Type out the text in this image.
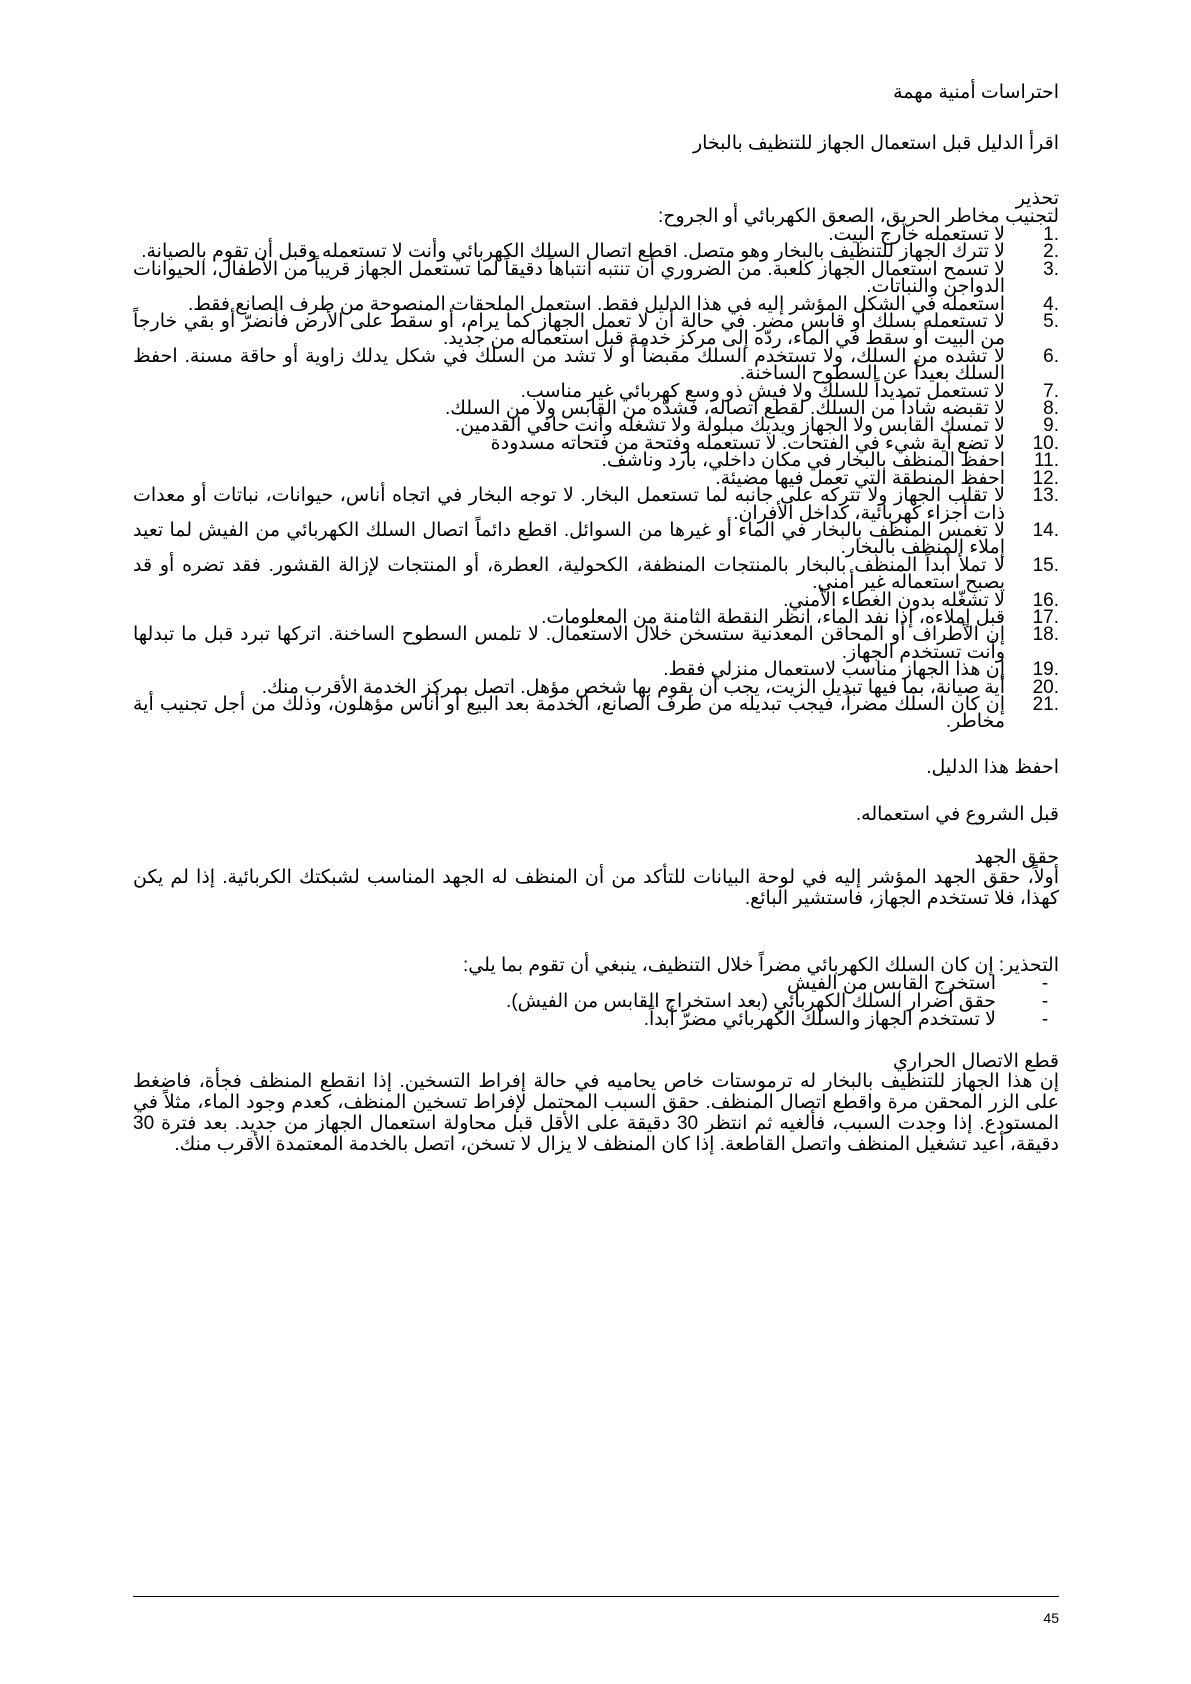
احتراسات أمنية مهمة

اقرأ الدليل قبل استعمال الجهاز للتنظيف بالبخار

تحذير

لتجنيب مخاطر الحريق، الصعق الكهربائي أو الجروح:

1.
لا تستعمله خارج البيت.
2.
لا تترك الجهاز للتنظيف بالبخار وهو متصل. اقطع اتصال السلك الكهربائي وأنت لا تستعمله وقبل أن تقوم بالصيانة.
3.
لا تسمح استعمال الجهاز كلعبة. من الضروري أن تنتبه انتباهاً دقيقاً لما تستعمل الجهاز قريباً من الأطفال، الحيوانات الدواجن والنباتات.
4.
استعمله في الشكل المؤشر إليه في هذا الدليل فقط. استعمل الملحقات المنصوحة من طرف الصانع فقط.
5.
لا تستعمله بسلك أو قابس مضر. في حالة أن لا تعمل الجهاز كما يرام، أو سقط على الأرض فأنضرّ أو بقي خارجاً من البيت أو سقط في الماء، ردّه إلى مركز خدمة قبل استعماله من جديد.
6.
لا تشده من السلك، ولا تستخدم السلك مقبضاً أو لا تشد من السلك في شكل يدلك زاوية أو حاقة مسنة. احفظ السلك بعيداً عن السطوح الساخنة.
7.
لا تستعمل تمديداً للسلك ولا فيش ذو وسع كهربائي غير مناسب.
8.
لا تقبضه شاداً من السلك. لقطع اتصاله، فشدّه من القابس ولا من السلك.
9.
لا تمسك القابس ولا الجهاز ويديك مبلولة ولا تشغله وأنت حافي القدمين.
10.
لا تضع أية شيء في الفتحات. لا تستعمله وفتحة من فتحاته مسدودة
11.
احفظ المنظف بالبخار في مكان داخلي، بارد وناشف.
12.
احفظ المنطقة التي تعمل فيها مضيئة.
13.
لا تقلب الجهاز ولا تتركه على جانبه لما تستعمل البخار. لا توجه البخار في اتجاه أناس، حيوانات، نباتات أو معدات ذات أجزاء كهربائية، كداخل الأفران.
14.
لا تغمس المنظف بالبخار في الماء أو غيرها من السوائل. اقطع دائماً اتصال السلك الكهربائي من الفيش لما تعيد إملاء المنظف بالبخار.
15.
لا تملأ أبداً المنظف بالبخار بالمنتجات المنظفة، الكحولية، العطرة، أو المنتجات لإزالة القشور. فقد تضره أو قد يصبح استعماله غير أمني.
16.
لا تشغّله بدون الغطاء الأمني.
17.
قبل إملاءه، إذا نفد الماء، انظر النقطة الثامنة من المعلومات.
18.
إن الأطراف أو المحاقن المعدنية ستسخن خلال الاستعمال. لا تلمس السطوح الساخنة. اتركها تبرد قبل ما تبدلها وأنت تستخدم الجهاز.
19.
إن هذا الجهاز مناسب لاستعمال منزلي فقط.
20.
أية صيانة، بما فيها تبديل الزيت، يجب أن يقوم بها شخص مؤهل. اتصل بمركز الخدمة الأقرب منك.
21.
إن كان السلك مضراً، فيجب تبديله من طرف الصانع، الخدمة بعد البيع أو أناس مؤهلون، وذلك من أجل تجنيب أية مخاطر.

احفظ هذا الدليل.

قبل الشروع في استعماله.

حقق الجهد

أولاً، حقق الجهد المؤشر إليه في لوحة البيانات للتأكد من أن المنظف له الجهد المناسب لشبكتك الكربائية. إذا لم يكن كهذا، فلا تستخدم الجهاز، فاستشير البائع.

التحذير: إن كان السلك الكهربائي مضراً خلال التنظيف، ينبغي أن تقوم بما يلي:

-
استخرج القابس من الفيش
-
حقق أضرار السلك الكهربائي (بعد استخراج القابس من الفيش).
-
لا تستخدم الجهاز والسلك الكهربائي مضرّ أبداً.

قطع الاتصال الحراري

إن هذا الجهاز للتنظيف بالبخار له ترموستات خاص يحاميه في حالة إفراط التسخين. إذا انقطع المنظف فجأة، فاضغط على الزر المحقن مرة واقطع اتصال المنظف. حقق السبب المحتمل لإفراط تسخين المنظف، كعدم وجود الماء، مثلاً في المستودع. إذا وجدت السبب، فألغيه ثم انتظر 30 دقيقة على الأقل قبل محاولة استعمال الجهاز من جديد. بعد فترة 30 دقيقة، أعيد تشغيل المنظف واتصل القاطعة. إذا كان المنظف لا يزال لا تسخن، اتصل بالخدمة المعتمدة الأقرب منك.

45
